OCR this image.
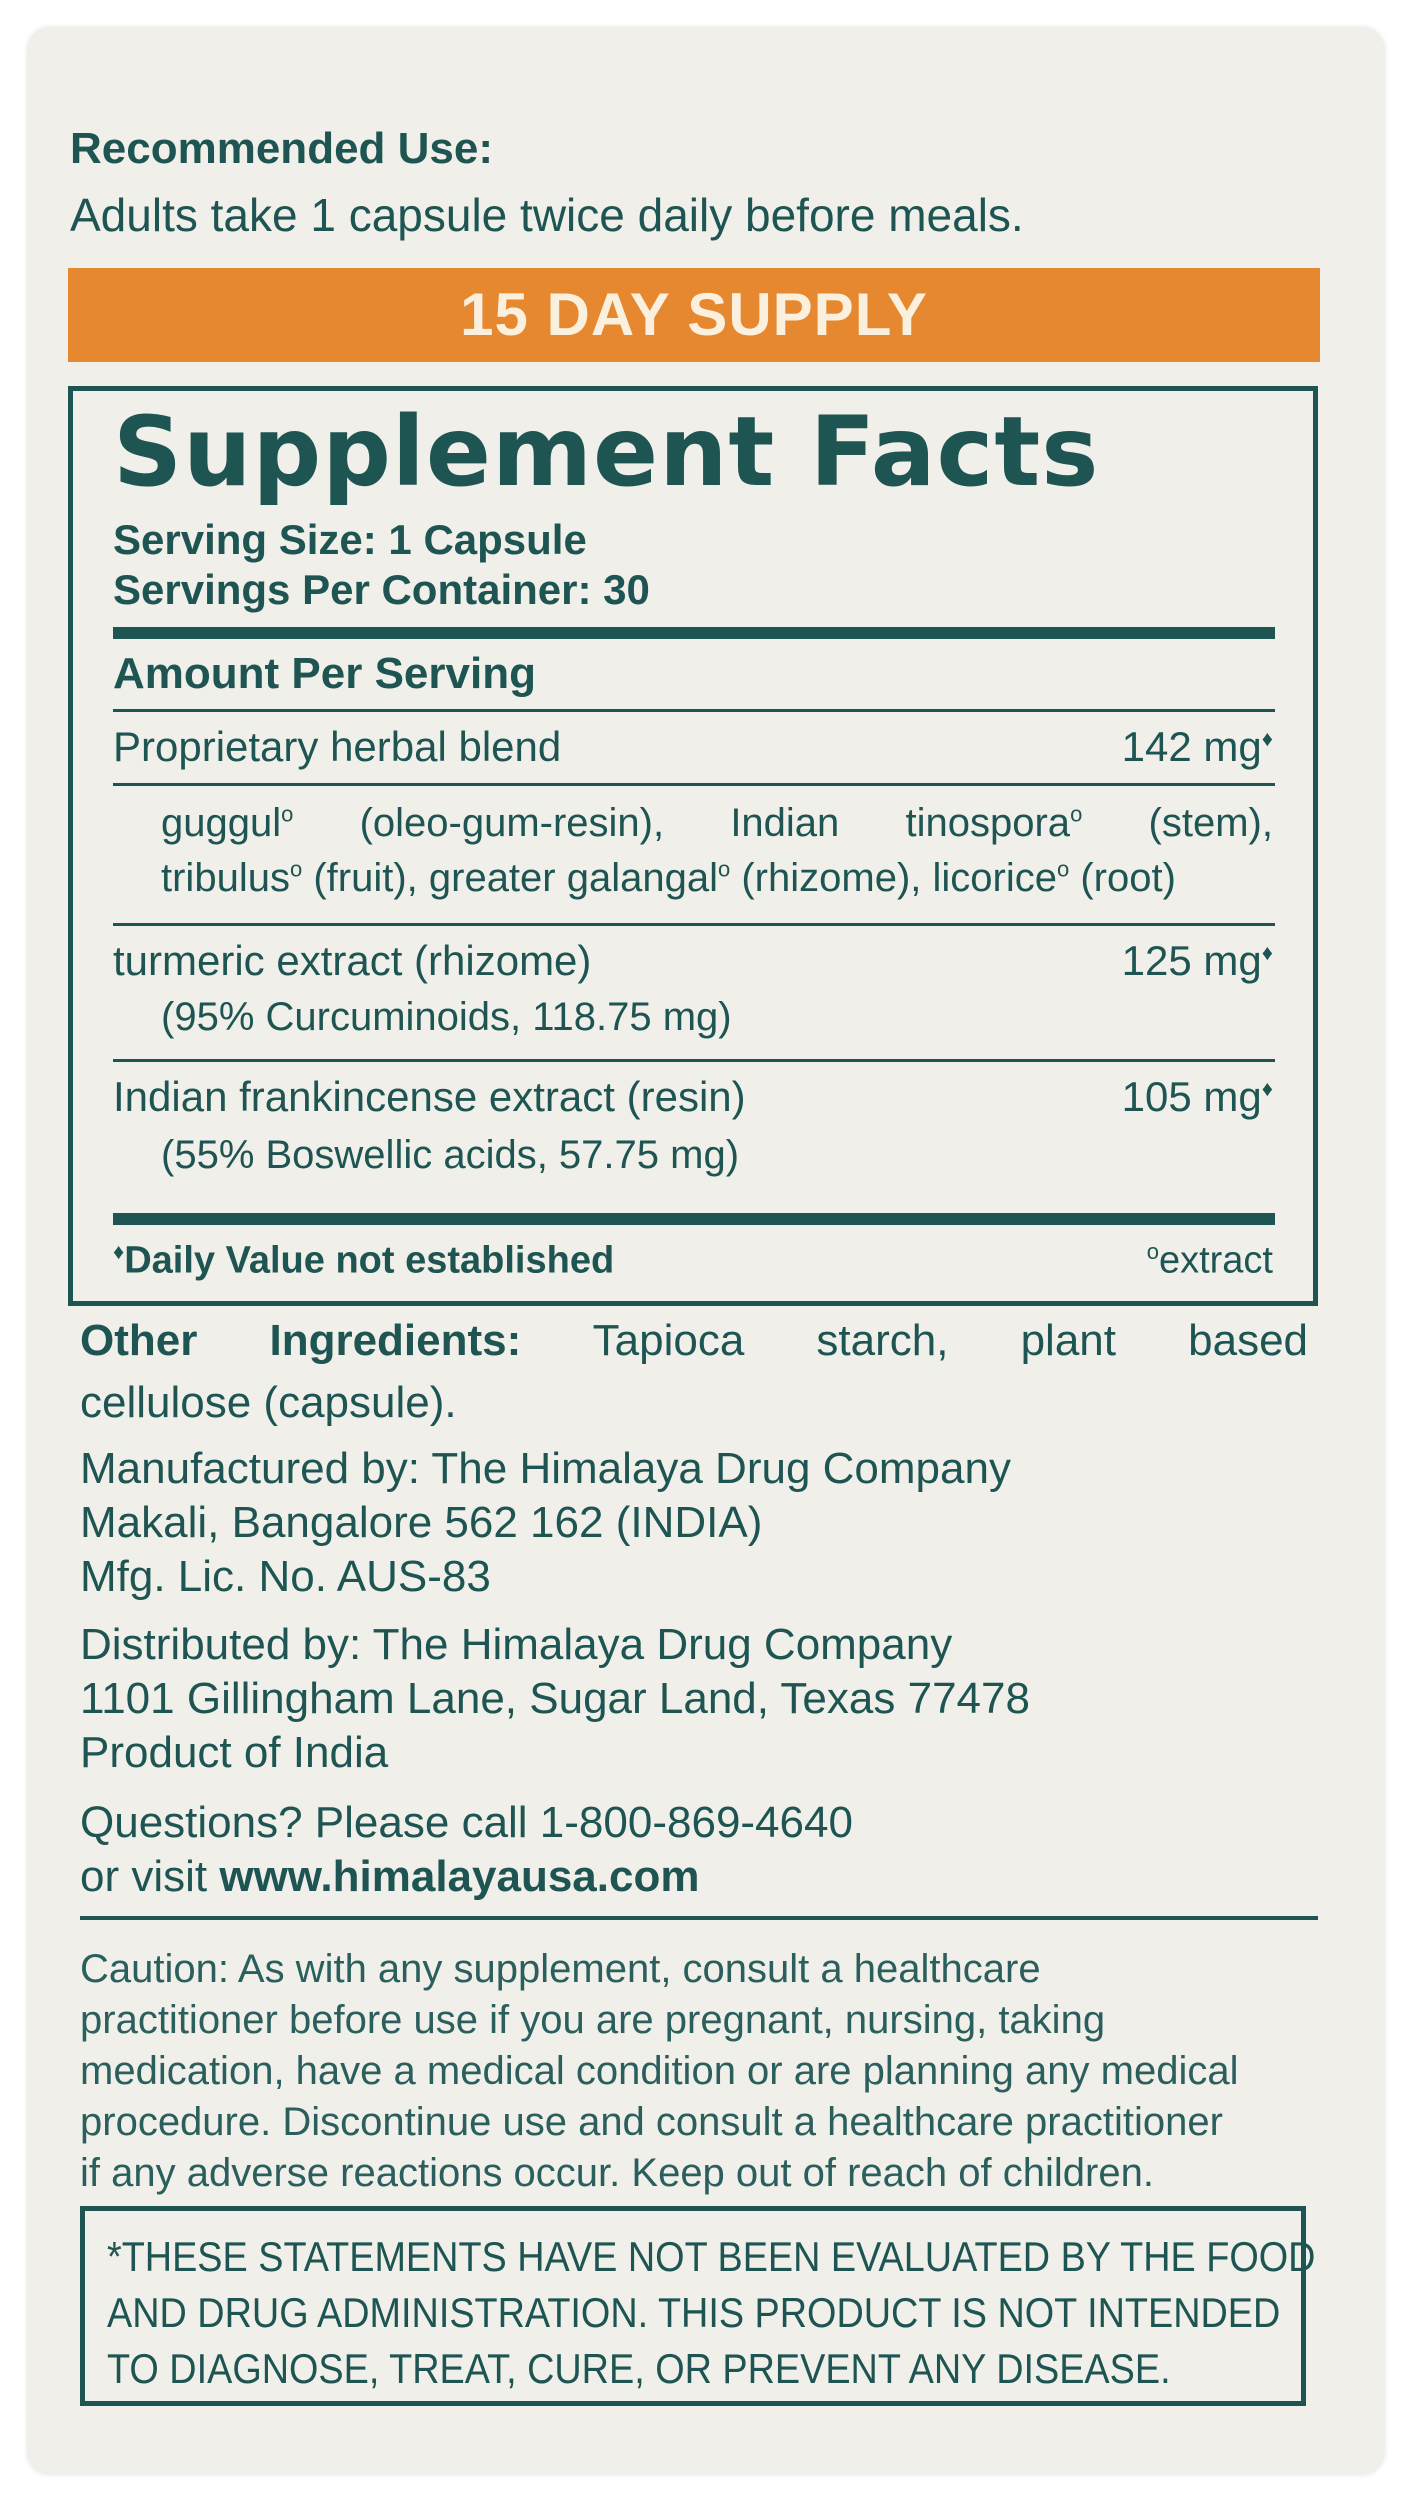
Recommended Use:
Adults take 1 capsule twice daily before meals.
15 DAY SUPPLY
Supplement Facts
Serving Size: 1 Capsule
Servings Per Container: 30
Amount Per Serving
Proprietary herbal blend	142 mg♦
guggul$^o$ (oleo-gum-resin), Indian tinospora$^o$ (stem),
tribulus$^o$ (fruit), greater galangal$^o$ (rhizome), licorice$^o$ (root)
turmeric extract (rhizome)	125 mg♦
(95% Curcuminoids, 118.75 mg)
Indian frankincense extract (resin)	105 mg♦
(55% Boswellic acids, 57.75 mg)
♦Daily Value not established	$^o$extract
Other Ingredients: Tapioca starch, plant based
cellulose (capsule).
Manufactured by: The Himalaya Drug Company
Makali, Bangalore 562 162 (INDIA)
Mfg. Lic. No. AUS-83
Distributed by: The Himalaya Drug Company
1101 Gillingham Lane, Sugar Land, Texas 77478
Product of India
Questions? Please call 1-800-869-4640
or visit www.himalayausa.com
Caution: As with any supplement, consult a healthcare
practitioner before use if you are pregnant, nursing, taking
medication, have a medical condition or are planning any medical
procedure. Discontinue use and consult a healthcare practitioner
if any adverse reactions occur. Keep out of reach of children.
*THESE STATEMENTS HAVE NOT BEEN EVALUATED BY THE FOOD
AND DRUG ADMINISTRATION. THIS PRODUCT IS NOT INTENDED
TO DIAGNOSE, TREAT, CURE, OR PREVENT ANY DISEASE.
